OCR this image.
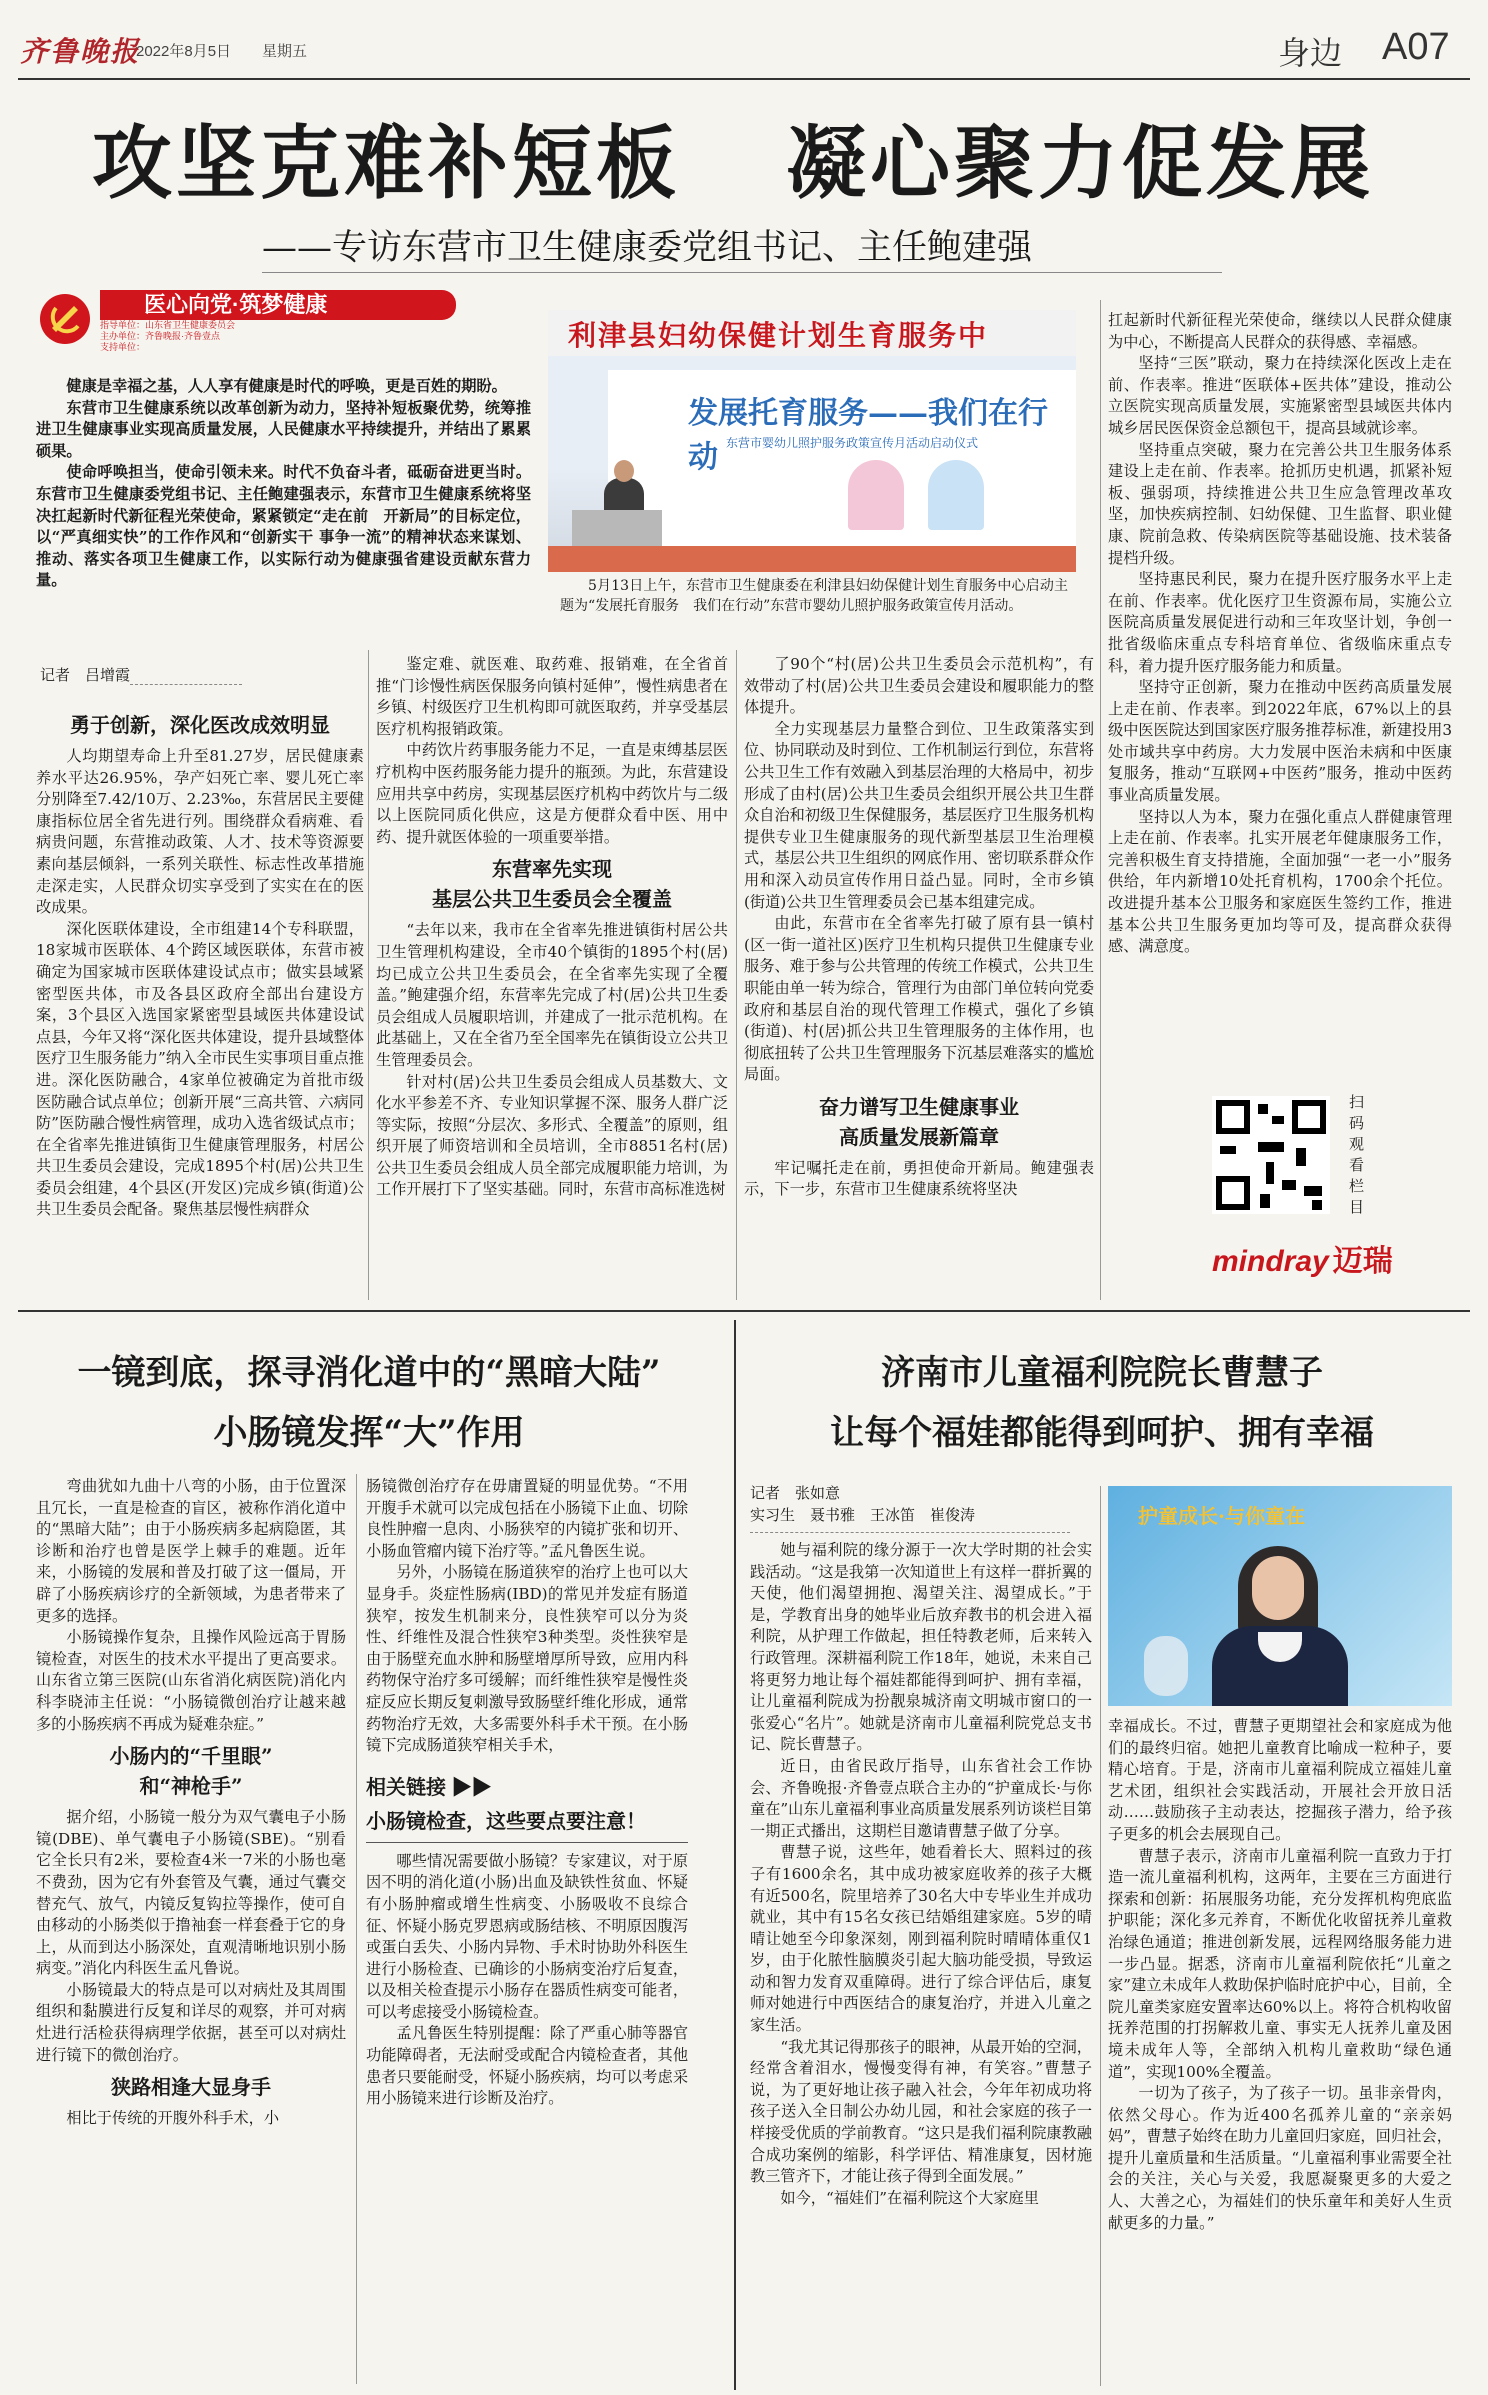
齐鲁晚报
2022年8月5日 星期五	身边 A07
攻坚克难补短板 凝心聚力促发展
——专访东营市卫生健康委党组书记、主任鲍建强
医心向党·筑梦健康
指导单位：山东省卫生健康委员会
主办单位：齐鲁晚报·齐鲁壹点
支持单位：

健康是幸福之基，人人享有健康是时代的呼唤，更是百姓的期盼。

东营市卫生健康系统以改革创新为动力，坚持补短板聚优势，统筹推进卫生健康事业实现高质量发展，人民健康水平持续提升，并结出了累累硕果。

使命呼唤担当，使命引领未来。时代不负奋斗者，砥砺奋进更当时。东营市卫生健康委党组书记、主任鲍建强表示，东营市卫生健康系统将坚决扛起新时代新征程光荣使命，紧紧锁定“走在前　开新局”的目标定位，以“严真细实快”的工作作风和“创新实干 事争一流”的精神状态来谋划、推动、落实各项卫生健康工作，以实际行动为健康强省建设贡献东营力量。

利津县妇幼保健计划生育服务中
发展托育服务——我们在行动 东营市婴幼儿照护服务政策宣传月活动启动仪式
5月13日上午，东营市卫生健康委在利津县妇幼保健计划生育服务中心启动主题为“发展托育服务　我们在行动”东营市婴幼儿照护服务政策宣传月活动。
记者　吕增霞
勇于创新，深化医改成效明显

人均期望寿命上升至81.27岁，居民健康素养水平达26.95%，孕产妇死亡率、婴儿死亡率分别降至7.42/10万、2.23‰，东营居民主要健康指标位居全省先进行列。围绕群众看病难、看病贵问题，东营推动政策、人才、技术等资源要素向基层倾斜，一系列关联性、标志性改革措施走深走实，人民群众切实享受到了实实在在的医改成果。

深化医联体建设，全市组建14个专科联盟，18家城市医联体、4个跨区域医联体，东营市被确定为国家城市医联体建设试点市；做实县域紧密型医共体，市及各县区政府全部出台建设方案，3个县区入选国家紧密型县域医共体建设试点县，今年又将“深化医共体建设，提升县域整体医疗卫生服务能力”纳入全市民生实事项目重点推进。深化医防融合，4家单位被确定为首批市级医防融合试点单位；创新开展“三高共管、六病同防”医防融合慢性病管理，成功入选省级试点市；在全省率先推进镇街卫生健康管理服务，村居公共卫生委员会建设，完成1895个村(居)公共卫生委员会组建，4个县区(开发区)完成乡镇(街道)公共卫生委员会配备。聚焦基层慢性病群众

鉴定难、就医难、取药难、报销难，在全省首推“门诊慢性病医保服务向镇村延伸”，慢性病患者在乡镇、村级医疗卫生机构即可就医取药，并享受基层医疗机构报销政策。

中药饮片药事服务能力不足，一直是束缚基层医疗机构中医药服务能力提升的瓶颈。为此，东营建设应用共享中药房，实现基层医疗机构中药饮片与二级以上医院同质化供应，这是方便群众看中医、用中药、提升就医体验的一项重要举措。

东营率先实现
基层公共卫生委员会全覆盖

“去年以来，我市在全省率先推进镇街村居公共卫生管理机构建设，全市40个镇街的1895个村(居)均已成立公共卫生委员会，在全省率先实现了全覆盖。”鲍建强介绍，东营率先完成了村(居)公共卫生委员会组成人员履职培训，并建成了一批示范机构。在此基础上，又在全省乃至全国率先在镇街设立公共卫生管理委员会。

针对村(居)公共卫生委员会组成人员基数大、文化水平参差不齐、专业知识掌握不深、服务人群广泛等实际，按照“分层次、多形式、全覆盖”的原则，组织开展了师资培训和全员培训，全市8851名村(居)公共卫生委员会组成人员全部完成履职能力培训，为工作开展打下了坚实基础。同时，东营市高标准选树

了90个“村(居)公共卫生委员会示范机构”，有效带动了村(居)公共卫生委员会建设和履职能力的整体提升。

全力实现基层力量整合到位、卫生政策落实到位、协同联动及时到位、工作机制运行到位，东营将公共卫生工作有效融入到基层治理的大格局中，初步形成了由村(居)公共卫生委员会组织开展公共卫生群众自治和初级卫生保健服务，基层医疗卫生服务机构提供专业卫生健康服务的现代新型基层卫生治理模式，基层公共卫生组织的网底作用、密切联系群众作用和深入动员宣传作用日益凸显。同时，全市乡镇(街道)公共卫生管理委员会已基本组建完成。

由此，东营市在全省率先打破了原有县一镇村(区一街一道社区)医疗卫生机构只提供卫生健康专业服务、难于参与公共管理的传统工作模式，公共卫生职能由单一转为综合，管理行为由部门单位转向党委政府和基层自治的现代管理工作模式，强化了乡镇(街道)、村(居)抓公共卫生管理服务的主体作用，也彻底扭转了公共卫生管理服务下沉基层难落实的尴尬局面。

奋力谱写卫生健康事业
高质量发展新篇章

牢记嘱托走在前，勇担使命开新局。鲍建强表示，下一步，东营市卫生健康系统将坚决

扛起新时代新征程光荣使命，继续以人民群众健康为中心，不断提高人民群众的获得感、幸福感。

坚持“三医”联动，聚力在持续深化医改上走在前、作表率。推进“医联体+医共体”建设，推动公立医院实现高质量发展，实施紧密型县域医共体内城乡居民医保资金总额包干，提高县域就诊率。

坚持重点突破，聚力在完善公共卫生服务体系建设上走在前、作表率。抢抓历史机遇，抓紧补短板、强弱项，持续推进公共卫生应急管理改革攻坚，加快疾病控制、妇幼保健、卫生监督、职业健康、院前急救、传染病医院等基础设施、技术装备提档升级。

坚持惠民利民，聚力在提升医疗服务水平上走在前、作表率。优化医疗卫生资源布局，实施公立医院高质量发展促进行动和三年攻坚计划，争创一批省级临床重点专科培育单位、省级临床重点专科，着力提升医疗服务能力和质量。

坚持守正创新，聚力在推动中医药高质量发展上走在前、作表率。到2022年底，67%以上的县级中医医院达到国家医疗服务推荐标准，新建投用3处市域共享中药房。大力发展中医治未病和中医康复服务，推动“互联网+中医药”服务，推动中医药事业高质量发展。

坚持以人为本，聚力在强化重点人群健康管理上走在前、作表率。扎实开展老年健康服务工作，完善积极生育支持措施，全面加强“一老一小”服务供给，年内新增10处托育机构，1700余个托位。改进提升基本公卫服务和家庭医生签约工作，推进基本公共卫生服务更加均等可及，提高群众获得感、满意度。

扫码观看栏目
mindray 迈瑞
一镜到底，探寻消化道中的“黑暗大陆”
小肠镜发挥“大”作用

弯曲犹如九曲十八弯的小肠，由于位置深且冗长，一直是检查的盲区，被称作消化道中的“黑暗大陆”；由于小肠疾病多起病隐匿，其诊断和治疗也曾是医学上棘手的难题。近年来，小肠镜的发展和普及打破了这一僵局，开辟了小肠疾病诊疗的全新领域，为患者带来了更多的选择。

小肠镜操作复杂，且操作风险远高于胃肠镜检查，对医生的技术水平提出了更高要求。山东省立第三医院(山东省消化病医院)消化内科李晓沛主任说：“小肠镜微创治疗让越来越多的小肠疾病不再成为疑难杂症。”

小肠内的“千里眼”
和“神枪手”

据介绍，小肠镜一般分为双气囊电子小肠镜(DBE)、单气囊电子小肠镜(SBE)。“别看它全长只有2米，要检查4米一7米的小肠也毫不费劲，因为它有外套管及气囊，通过气囊交替充气、放气，内镜反复钩拉等操作，使可自由移动的小肠类似于撸袖套一样套叠于它的身上，从而到达小肠深处，直观清晰地识别小肠病变。”消化内科医生孟凡鲁说。

小肠镜最大的特点是可以对病灶及其周围组织和黏膜进行反复和详尽的观察，并可对病灶进行活检获得病理学依据，甚至可以对病灶进行镜下的微创治疗。

狭路相逢大显身手

相比于传统的开腹外科手术，小

肠镜微创治疗存在毋庸置疑的明显优势。“不用开腹手术就可以完成包括在小肠镜下止血、切除良性肿瘤一息肉、小肠狭窄的内镜扩张和切开、小肠血管瘤内镜下治疗等。”孟凡鲁医生说。

另外，小肠镜在肠道狭窄的治疗上也可以大显身手。炎症性肠病(IBD)的常见并发症有肠道狭窄，按发生机制来分，良性狭窄可以分为炎性、纤维性及混合性狭窄3种类型。炎性狭窄是由于肠壁充血水肿和肠壁增厚所导致，应用内科药物保守治疗多可缓解；而纤维性狭窄是慢性炎症反应长期反复刺激导致肠壁纤维化形成，通常药物治疗无效，大多需要外科手术干预。在小肠镜下完成肠道狭窄相关手术，

相关链接 ▶▶
小肠镜检查，这些要点要注意！

哪些情况需要做小肠镜？专家建议，对于原因不明的消化道(小肠)出血及缺铁性贫血、怀疑有小肠肿瘤或增生性病变、小肠吸收不良综合征、怀疑小肠克罗恩病或肠结核、不明原因腹泻或蛋白丢失、小肠内异物、手术时协助外科医生进行小肠检查、已确诊的小肠病变治疗后复查，以及相关检查提示小肠存在器质性病变可能者，可以考虑接受小肠镜检查。

孟凡鲁医生特别提醒：除了严重心肺等器官功能障碍者，无法耐受或配合内镜检查者，其他患者只要能耐受，怀疑小肠疾病，均可以考虑采用小肠镜来进行诊断及治疗。

济南市儿童福利院院长曹慧子
让每个福娃都能得到呵护、拥有幸福
记者　张如意
实习生　聂书雅　王冰笛　崔俊涛

她与福利院的缘分源于一次大学时期的社会实践活动。“这是我第一次知道世上有这样一群折翼的天使，他们渴望拥抱、渴望关注、渴望成长。”于是，学教育出身的她毕业后放弃教书的机会进入福利院，从护理工作做起，担任特教老师，后来转入行政管理。深耕福利院工作18年，她说，未来自己将更努力地让每个福娃都能得到呵护、拥有幸福，让儿童福利院成为扮靓泉城济南文明城市窗口的一张爱心“名片”。她就是济南市儿童福利院党总支书记、院长曹慧子。

近日，由省民政厅指导，山东省社会工作协会、齐鲁晚报·齐鲁壹点联合主办的“护童成长·与你童在”山东儿童福利事业高质量发展系列访谈栏目第一期正式播出，这期栏目邀请曹慧子做了分享。

曹慧子说，这些年，她看着长大、照料过的孩子有1600余名，其中成功被家庭收养的孩子大概有近500名，院里培养了30名大中专毕业生并成功就业，其中有15名女孩已结婚组建家庭。5岁的晴晴让她至今印象深刻，刚到福利院时晴晴体重仅1岁，由于化脓性脑膜炎引起大脑功能受损，导致运动和智力发育双重障碍。进行了综合评估后，康复师对她进行中西医结合的康复治疗，并进入儿童之家生活。

“我尤其记得那孩子的眼神，从最开始的空洞，经常含着泪水，慢慢变得有神，有笑容。”曹慧子说，为了更好地让孩子融入社会，今年年初成功将孩子送入全日制公办幼儿园，和社会家庭的孩子一样接受优质的学前教育。“这只是我们福利院康教融合成功案例的缩影，科学评估、精准康复，因材施教三管齐下，才能让孩子得到全面发展。”

如今，“福娃们”在福利院这个大家庭里

护童成长·与你童在

幸福成长。不过，曹慧子更期望社会和家庭成为他们的最终归宿。她把儿童教育比喻成一粒种子，要精心培育。于是，济南市儿童福利院成立福娃儿童艺术团，组织社会实践活动，开展社会开放日活动……鼓励孩子主动表达，挖掘孩子潜力，给予孩子更多的机会去展现自己。

曹慧子表示，济南市儿童福利院一直致力于打造一流儿童福利机构，这两年，主要在三方面进行探索和创新：拓展服务功能，充分发挥机构兜底监护职能；深化多元养育，不断优化收留抚养儿童救治绿色通道；推进创新发展，远程网络服务能力进一步凸显。据悉，济南市儿童福利院依托“儿童之家”建立未成年人救助保护临时庇护中心，目前，全院儿童类家庭安置率达60%以上。将符合机构收留抚养范围的打拐解救儿童、事实无人抚养儿童及困境未成年人等，全部纳入机构儿童救助“绿色通道”，实现100%全覆盖。

一切为了孩子，为了孩子一切。虽非亲骨肉，依然父母心。作为近400名孤养儿童的“亲亲妈妈”，曹慧子始终在助力儿童回归家庭，回归社会，提升儿童质量和生活质量。“儿童福利事业需要全社会的关注，关心与关爱，我愿凝聚更多的大爱之人、大善之心，为福娃们的快乐童年和美好人生贡献更多的力量。”
